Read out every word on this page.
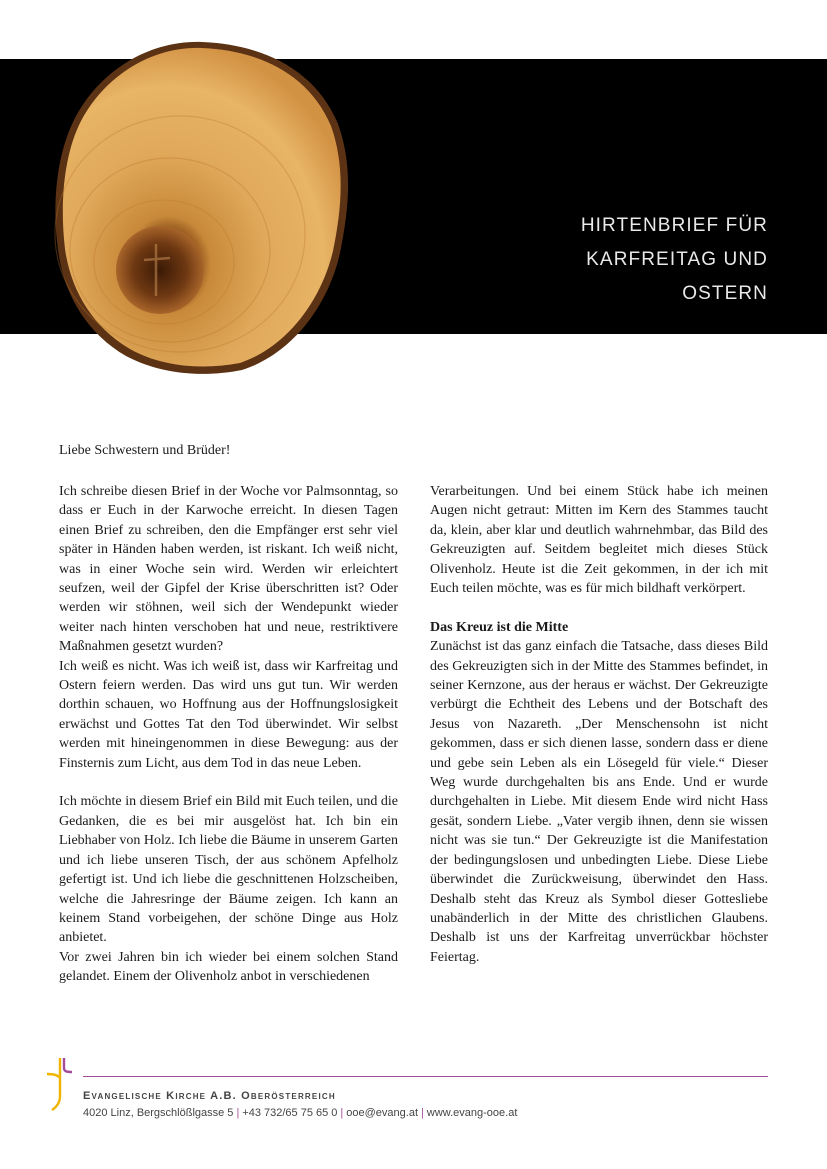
HIRTENBRIEF FÜR
KARFREITAG UND
OSTERN
Liebe Schwestern und Brüder!

Ich schreibe diesen Brief in der Woche vor Palmsonntag, so dass er Euch in der Karwoche erreicht. In diesen Tagen einen Brief zu schreiben, den die Empfänger erst sehr viel später in Händen haben werden, ist riskant. Ich weiß nicht, was in einer Woche sein wird. Werden wir erleichtert seufzen, weil der Gipfel der Krise überschritten ist? Oder werden wir stöhnen, weil sich der Wendepunkt wieder weiter nach hinten verschoben hat und neue, restriktivere Maßnahmen gesetzt wurden?

Ich weiß es nicht. Was ich weiß ist, dass wir Karfreitag und Ostern feiern werden. Das wird uns gut tun. Wir werden dorthin schauen, wo Hoffnung aus der Hoffnungslosigkeit erwächst und Gottes Tat den Tod überwindet. Wir selbst werden mit hineingenommen in diese Bewegung: aus der Finsternis zum Licht, aus dem Tod in das neue Leben.

Ich möchte in diesem Brief ein Bild mit Euch teilen, und die Gedanken, die es bei mir ausgelöst hat. Ich bin ein Liebhaber von Holz. Ich liebe die Bäume in unserem Garten und ich liebe unseren Tisch, der aus schönem Apfelholz gefertigt ist. Und ich liebe die geschnittenen Holzscheiben, welche die Jahresringe der Bäume zeigen. Ich kann an keinem Stand vorbeigehen, der schöne Dinge aus Holz anbietet.

Vor zwei Jahren bin ich wieder bei einem solchen Stand gelandet. Einem der Olivenholz anbot in verschiedenen

Verarbeitungen. Und bei einem Stück habe ich meinen Augen nicht getraut: Mitten im Kern des Stammes taucht da, klein, aber klar und deutlich wahrnehmbar, das Bild des Gekreuzigten auf. Seitdem begleitet mich dieses Stück Olivenholz. Heute ist die Zeit gekommen, in der ich mit Euch teilen möchte, was es für mich bildhaft verkörpert.

Das Kreuz ist die Mitte

Zunächst ist das ganz einfach die Tatsache, dass dieses Bild des Gekreuzigten sich in der Mitte des Stammes befindet, in seiner Kernzone, aus der heraus er wächst. Der Gekreuzigte verbürgt die Echtheit des Lebens und der Botschaft des Jesus von Nazareth. „Der Menschensohn ist nicht gekommen, dass er sich dienen lasse, sondern dass er diene und gebe sein Leben als ein Lösegeld für viele.“ Dieser Weg wurde durchgehalten bis ans Ende. Und er wurde durchgehalten in Liebe. Mit diesem Ende wird nicht Hass gesät, sondern Liebe. „Vater vergib ihnen, denn sie wissen nicht was sie tun.“ Der Gekreuzigte ist die Manifestation der bedingungslosen und unbedingten Liebe. Diese Liebe überwindet die Zurückweisung, überwindet den Hass. Deshalb steht das Kreuz als Symbol dieser Gottesliebe unabänderlich in der Mitte des christlichen Glaubens. Deshalb ist uns der Karfreitag unverrückbar höchster Feiertag.

Evangelische Kirche A.B. Oberösterreich
4020 Linz, Bergschlößlgasse 5 | +43 732/65 75 65 0 | ooe@evang.at | www.evang-ooe.at
